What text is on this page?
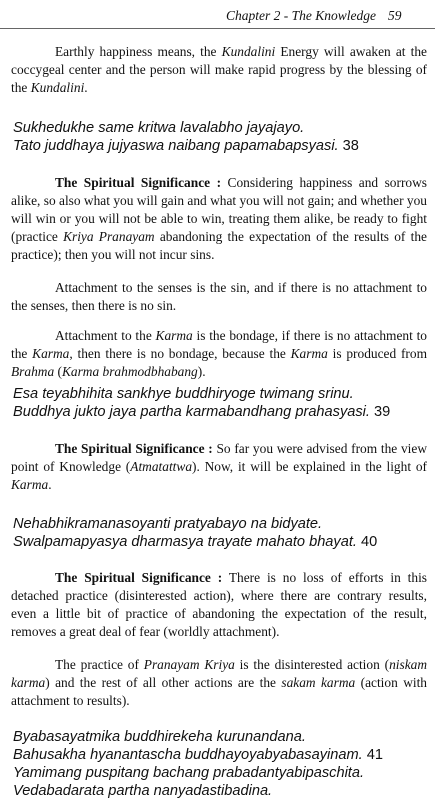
Chapter 2 - The Knowledge 59
Earthly happiness means, the Kundalini Energy will awaken at the coccygeal center and the person will make rapid progress by the blessing of the Kundalini.
Sukhedukhe same kritwa lavalabho jayajayo.
Tato juddhaya jujyaswa naibang papamabapsyasi. 38
The Spiritual Significance : Considering happiness and sorrows alike, so also what you will gain and what you will not gain; and whether you will win or you will not be able to win, treating them alike, be ready to fight (practice Kriya Pranayam abandoning the expectation of the results of the practice); then you will not incur sins.
Attachment to the senses is the sin, and if there is no attachment to the senses, then there is no sin.
Attachment to the Karma is the bondage, if there is no attachment to the Karma, then there is no bondage, because the Karma is produced from Brahma (Karma brahmodbhabang).
Esa teyabhihita sankhye buddhiryoge twimang srinu.
Buddhya jukto jaya partha karmabandhang prahasyasi. 39
The Spiritual Significance : So far you were advised from the view point of Knowledge (Atmatattwa). Now, it will be explained in the light of Karma.
Nehabhikramanasoyanti pratyabayo na bidyate.
Swalpamapyasya dharmasya trayate mahato bhayat. 40
The Spiritual Significance : There is no loss of efforts in this detached practice (disinterested action), where there are contrary results, even a little bit of practice of abandoning the expectation of the result, removes a great deal of fear (worldly attachment).
The practice of Pranayam Kriya is the disinterested action (niskam karma) and the rest of all other actions are the sakam karma (action with attachment to results).
Byabasayatmika buddhirekeha kurunandana.
Bahusakha hyanantascha buddhayoyabyabasayinam. 41
Yamimang puspitang bachang prabadantyabipaschita.
Vedabadarata partha nanyadastibadina.
